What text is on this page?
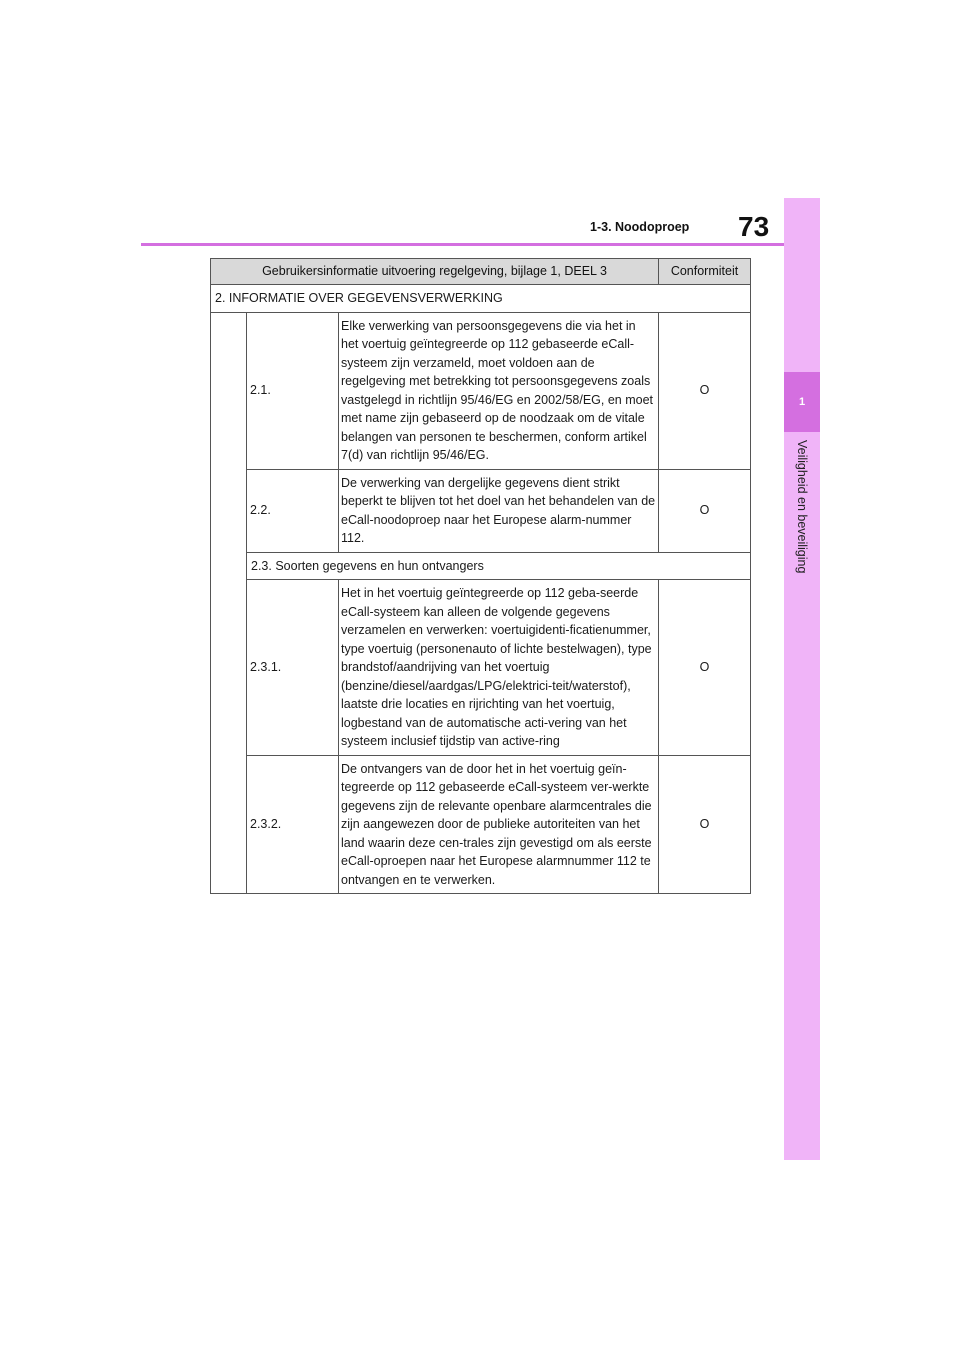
1
Veiligheid en beveiliging
1-3. Noodoproep 73
Gebruikersinformatie uitvoering regelgeving, bijlage 1, DEEL 3			Conformiteit
2. INFORMATIE OVER GEGEVENSVERWERKING			
	2.1.	Elke verwerking van persoonsgegevens die via het in het voertuig geïntegreerde op 112 gebaseerde eCall-systeem zijn verzameld, moet voldoen aan de regelgeving met betrekking tot persoonsgegevens zoals vastgelegd in richtlijn 95/46/EG en 2002/58/EG, en moet met name zijn gebaseerd op de noodzaak om de vitale belangen van personen te beschermen, conform artikel 7(d) van richtlijn 95/46/EG.	O
	2.2.	De verwerking van dergelijke gegevens dient strikt beperkt te blijven tot het doel van het behandelen van de eCall-noodoproep naar het Europese alarm-nummer 112.	O
	2.3. Soorten gegevens en hun ontvangers		
	2.3.1.	Het in het voertuig geïntegreerde op 112 geba-seerde eCall-systeem kan alleen de volgende gegevens verzamelen en verwerken: voertuigidenti-ficatienummer, type voertuig (personenauto of lichte bestelwagen), type brandstof/aandrijving van het voertuig (benzine/diesel/aardgas/LPG/elektrici-teit/waterstof), laatste drie locaties en rijrichting van het voertuig, logbestand van de automatische acti-vering van het systeem inclusief tijdstip van active-ring	O
	2.3.2.	De ontvangers van de door het in het voertuig geïn-tegreerde op 112 gebaseerde eCall-systeem ver-werkte gegevens zijn de relevante openbare alarmcentrales die zijn aangewezen door de publieke autoriteiten van het land waarin deze cen-trales zijn gevestigd om als eerste eCall-oproepen naar het Europese alarmnummer 112 te ontvangen en te verwerken.	O
